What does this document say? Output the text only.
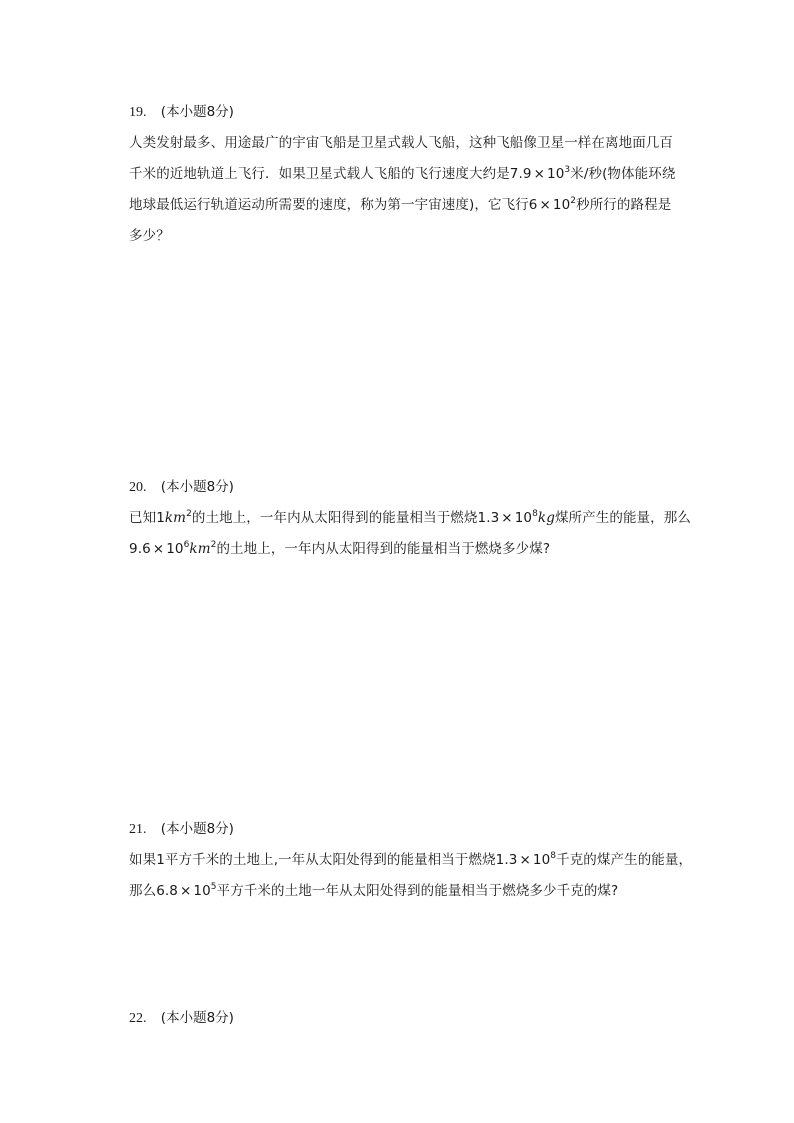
19. (本小题8分)
人类发射最多、用途最广的宇宙飞船是卫星式载人飞船，这种飞船像卫星一样在离地面几百
千米的近地轨道上飞行．如果卫星式载人飞船的飞行速度大约是$7.9 \times 10^3$米/秒(物体能环绕
地球最低运行轨道运动所需要的速度，称为第一宇宙速度)，它飞行$6 \times 10^2$秒所行的路程是
多少？
20. (本小题8分)
已知$1km^2$的土地上，一年内从太阳得到的能量相当于燃烧$1.3 \times 10^8kg$煤所产生的能量，那么
$9.6 \times 10^6km^2$的土地上，一年内从太阳得到的能量相当于燃烧多少煤?
21. (本小题8分)
如果1平方千米的土地上,一年从太阳处得到的能量相当于燃烧$1.3 \times 10^8$千克的煤产生的能量，
那么$6.8 \times 10^5$平方千米的土地一年从太阳处得到的能量相当于燃烧多少千克的煤?
22. (本小题8分)
